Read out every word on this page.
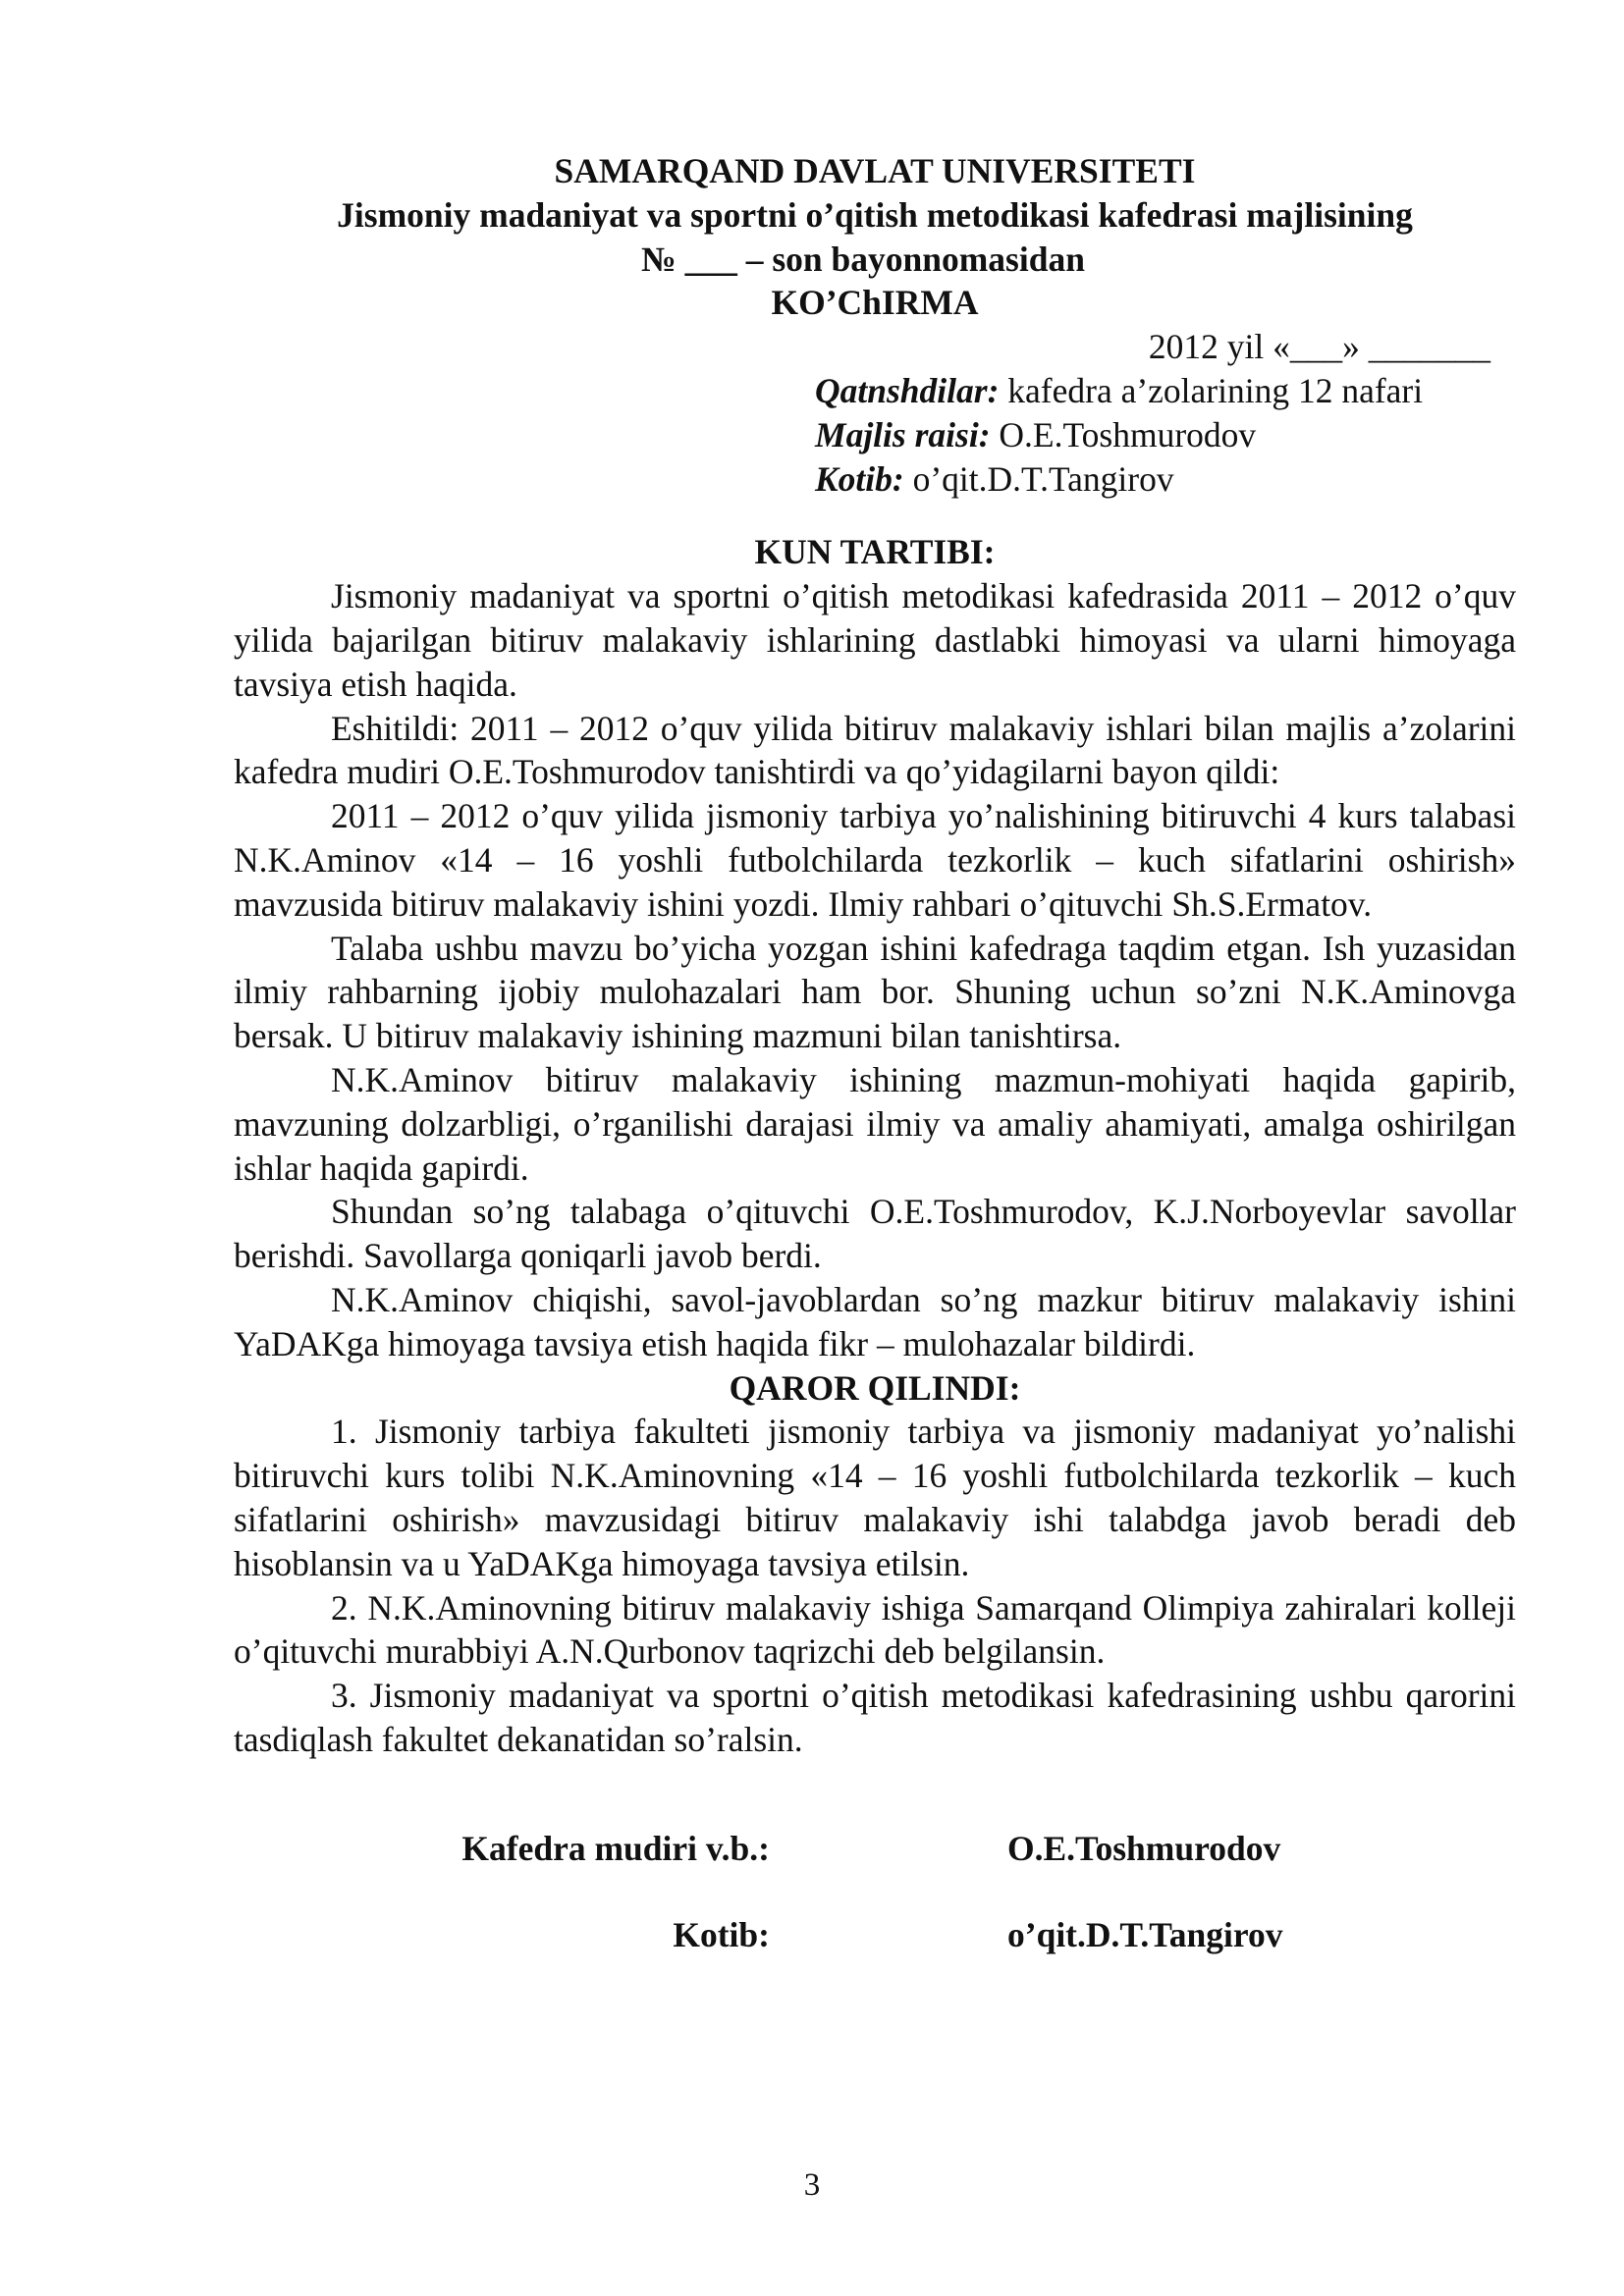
SAMARQAND DAVLAT UNIVERSITETI
Jismoniy madaniyat va sportni o’qitish metodikasi kafedrasi majlisining
№ ___ – son bayonnomasidan
KO’ChIRMA
2012 yil «___» _______
Qatnshdilar: kafedra a’zolarining 12 nafari
Majlis raisi: O.E.Toshmurodov
Kotib: o’qit.D.T.Tangirov
KUN TARTIBI:

Jismoniy madaniyat va sportni o’qitish metodikasi kafedrasida 2011 – 2012 o’quv yilida bajarilgan bitiruv malakaviy ishlarining dastlabki himoyasi va ularni himoyaga tavsiya etish haqida.

Eshitildi: 2011 – 2012 o’quv yilida bitiruv malakaviy ishlari bilan majlis a’zolarini kafedra mudiri O.E.Toshmurodov tanishtirdi va qo’yidagilarni bayon qildi:

2011 – 2012 o’quv yilida jismoniy tarbiya yo’nalishining bitiruvchi 4 kurs talabasi N.K.Aminov «14 – 16 yoshli futbolchilarda tezkorlik – kuch sifatlarini oshirish» mavzusida bitiruv malakaviy ishini yozdi. Ilmiy rahbari o’qituvchi Sh.S.Ermatov.

Talaba ushbu mavzu bo’yicha yozgan ishini kafedraga taqdim etgan. Ish yuzasidan ilmiy rahbarning ijobiy mulohazalari ham bor. Shuning uchun so’zni N.K.Aminovga bersak. U bitiruv malakaviy ishining mazmuni bilan tanishtirsa.

N.K.Aminov bitiruv malakaviy ishining mazmun-mohiyati haqida gapirib, mavzuning dolzarbligi, o’rganilishi darajasi ilmiy va amaliy ahamiyati, amalga oshirilgan ishlar haqida gapirdi.

Shundan so’ng talabaga o’qituvchi O.E.Toshmurodov, K.J.Norboyevlar savollar berishdi. Savollarga qoniqarli javob berdi.

N.K.Aminov chiqishi, savol-javoblardan so’ng mazkur bitiruv malakaviy ishini YaDAKga himoyaga tavsiya etish haqida fikr – mulohazalar bildirdi.

QAROR QILINDI:

1. Jismoniy tarbiya fakulteti jismoniy tarbiya va jismoniy madaniyat yo’nalishi bitiruvchi kurs tolibi N.K.Aminovning «14 – 16 yoshli futbolchilarda tezkorlik – kuch sifatlarini oshirish» mavzusidagi bitiruv malakaviy ishi talabdga javob beradi deb hisoblansin va u YaDAKga himoyaga tavsiya etilsin.

2. N.K.Aminovning bitiruv malakaviy ishiga Samarqand Olimpiya zahiralari kolleji o’qituvchi murabbiyi A.N.Qurbonov taqrizchi deb belgilansin.

3. Jismoniy madaniyat va sportni o’qitish metodikasi kafedrasining ushbu qarorini tasdiqlash fakultet dekanatidan so’ralsin.

Kafedra mudiri v.b.:	O.E.Toshmurodov
Kotib:	o’qit.D.T.Tangirov
3
